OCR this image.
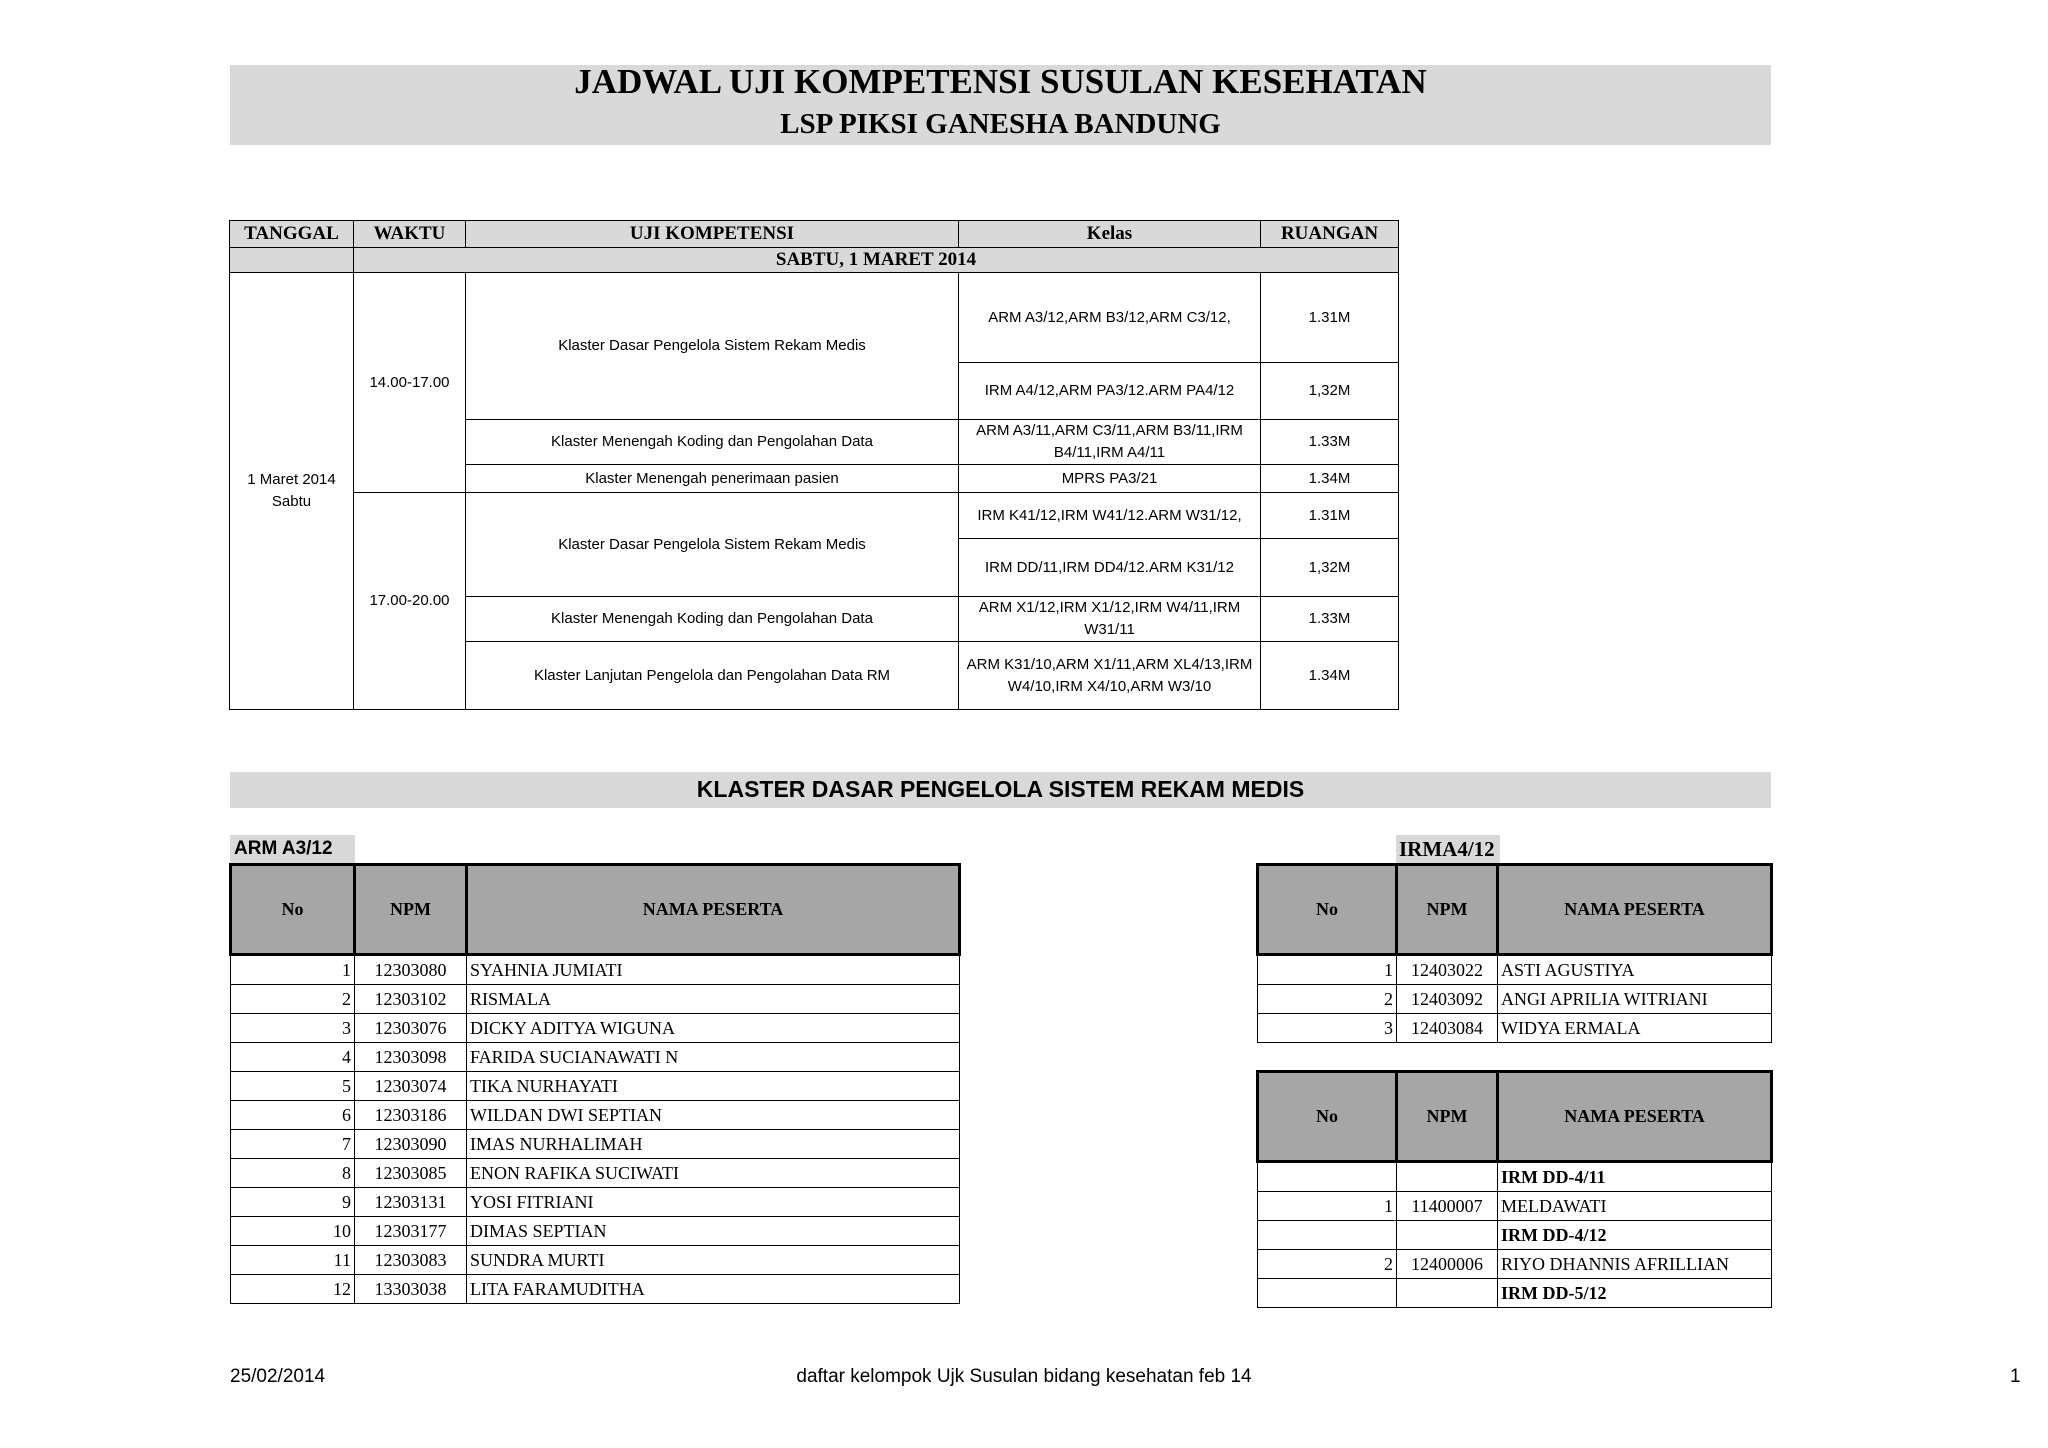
JADWAL UJI KOMPETENSI SUSULAN KESEHATAN
LSP PIKSI GANESHA BANDUNG
TANGGAL	WAKTU	UJI KOMPETENSI	Kelas	RUANGAN
	SABTU, 1 MARET 2014			

1 Maret 2014
Sabtu	14.00-17.00	Klaster Dasar Pengelola Sistem Rekam Medis	ARM A3/12,ARM B3/12,ARM C3/12,	1.31M
			IRM A4/12,ARM PA3/12.ARM PA4/12	1,32M
		Klaster Menengah Koding dan Pengolahan Data	ARM A3/11,ARM C3/11,ARM B3/11,IRM B4/11,IRM A4/11	1.33M
		Klaster Menengah penerimaan pasien	MPRS PA3/21	1.34M
	17.00-20.00	Klaster Dasar Pengelola Sistem Rekam Medis	IRM K41/12,IRM W41/12.ARM W31/12,	1.31M
			IRM DD/11,IRM DD4/12.ARM K31/12	1,32M
		Klaster Menengah Koding dan Pengolahan Data	ARM X1/12,IRM X1/12,IRM W4/11,IRM W31/11	1.33M
		Klaster Lanjutan Pengelola dan Pengolahan Data RM	ARM K31/10,ARM X1/11,ARM XL4/13,IRM W4/10,IRM X4/10,ARM W3/10	1.34M
KLASTER DASAR PENGELOLA SISTEM REKAM MEDIS
ARM A3/12	IRMA4/12
No	NPM	NAMA PESERTA
1	12303080	SYAHNIA JUMIATI
2	12303102	RISMALA
3	12303076	DICKY ADITYA WIGUNA
4	12303098	FARIDA SUCIANAWATI N
5	12303074	TIKA NURHAYATI
6	12303186	WILDAN DWI SEPTIAN
7	12303090	IMAS NURHALIMAH
8	12303085	ENON RAFIKA SUCIWATI
9	12303131	YOSI FITRIANI
10	12303177	DIMAS SEPTIAN
11	12303083	SUNDRA MURTI
12	13303038	LITA FARAMUDITHA
No	NPM	NAMA PESERTA
1	12403022	ASTI AGUSTIYA
2	12403092	ANGI APRILIA WITRIANI
3	12403084	WIDYA ERMALA
No	NPM	NAMA PESERTA
		IRM DD-4/11
1	11400007	MELDAWATI
		IRM DD-4/12
2	12400006	RIYO DHANNIS AFRILLIAN
		IRM DD-5/12
25/02/2014	daftar kelompok Ujk Susulan bidang kesehatan feb 14	1
